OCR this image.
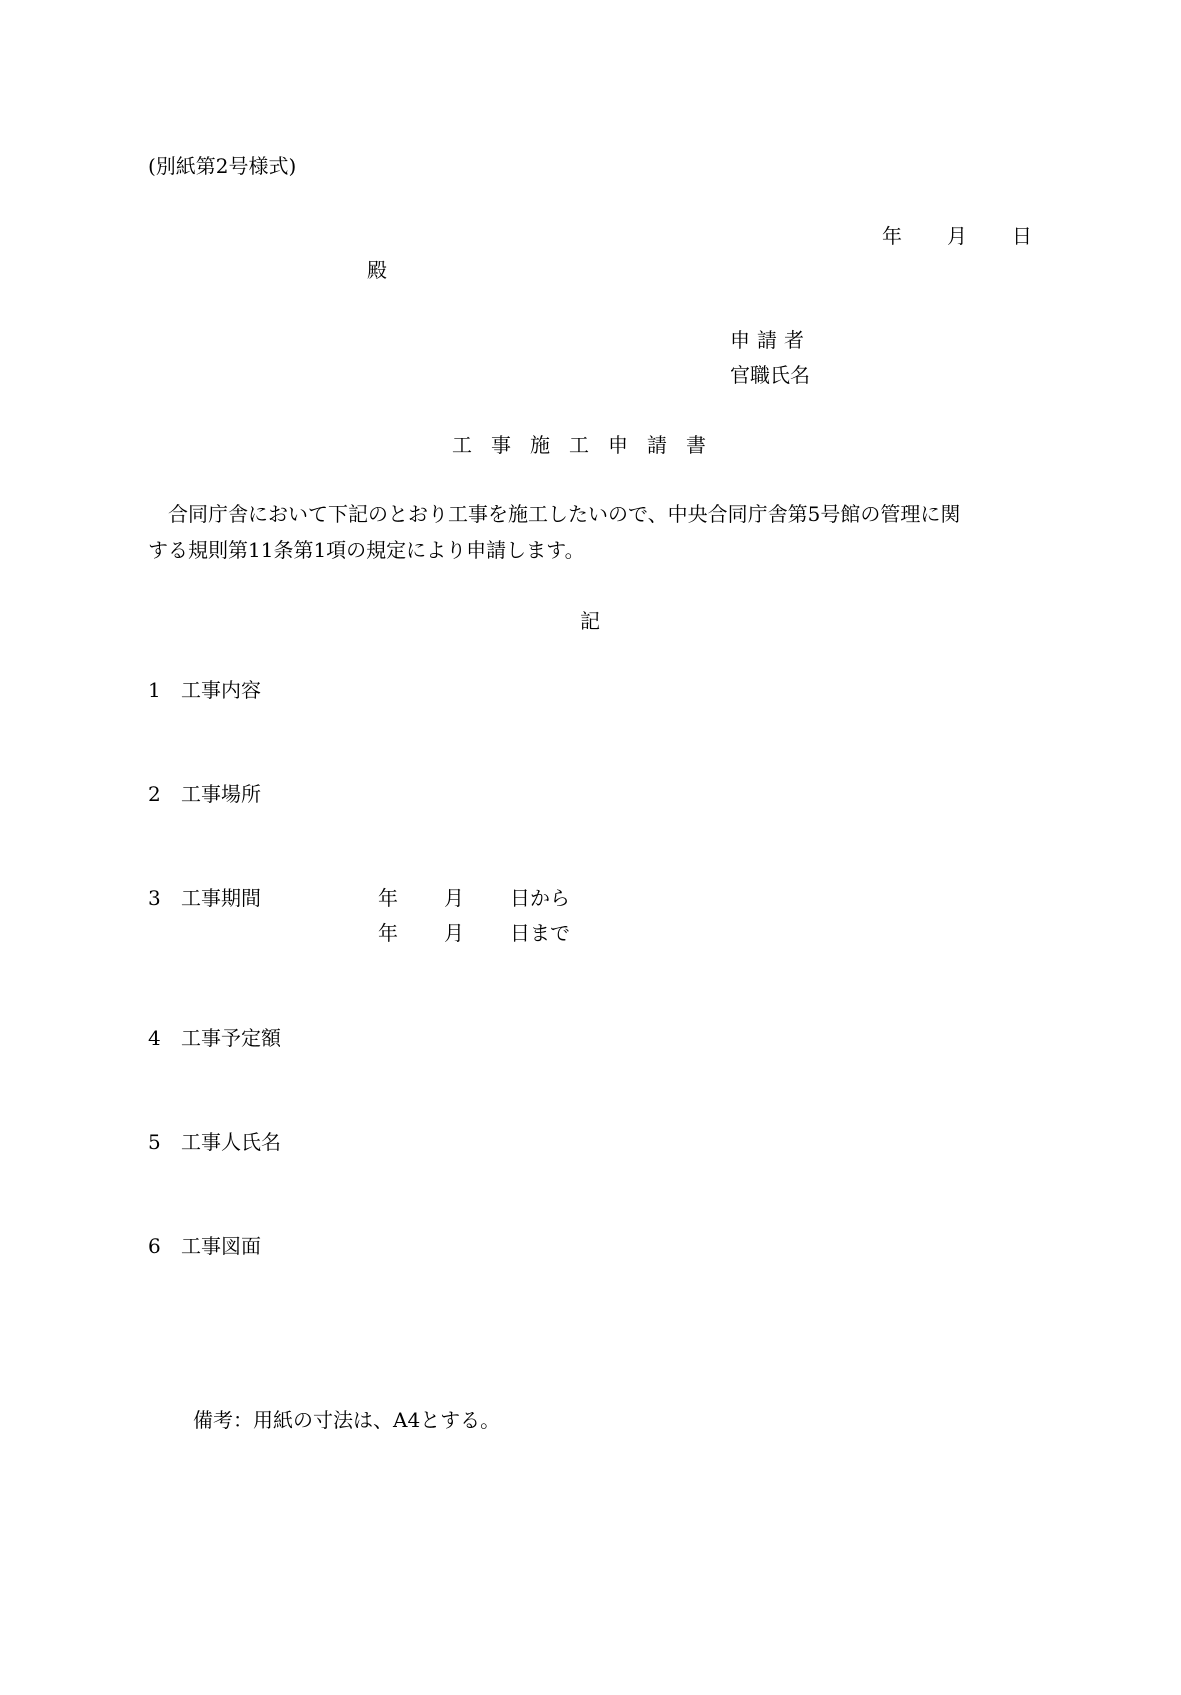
(別紙第2号様式)
年 月 日
殿
申請者
官職氏名
工事施工申請書
　合同庁舎において下記のとおり工事を施工したいので、中央合同庁舎第5号館の管理に関
する規則第11条第1項の規定により申請します。
記
1 工事内容
2 工事場所
3 工事期間	年 月 日から
年 月 日まで
4 工事予定額
5 工事人氏名
6 工事図面
備考：用紙の寸法は、A4とする。
